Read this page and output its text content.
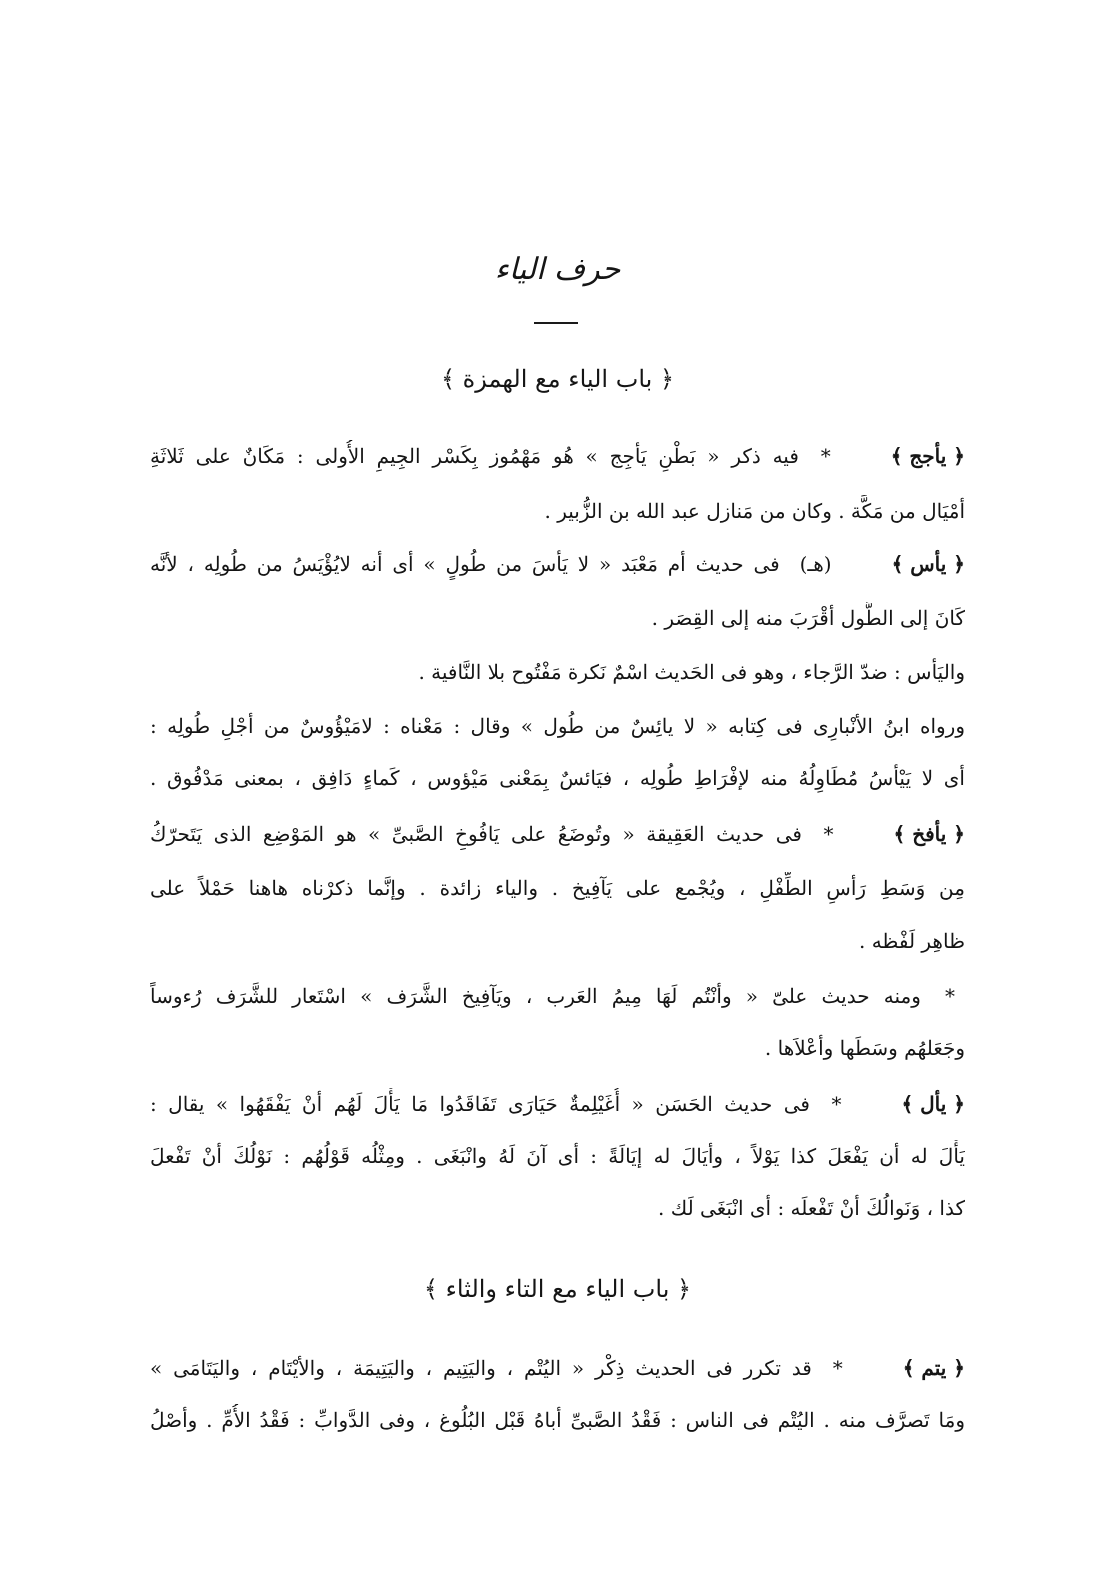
حرف الياء
﴿ باب الياء مع الهمزة ﴾
﴿ يأجج ﴾* فيه ذكر « بَطْنِ يَأجِج » هُو مَهْمُوز بِكَسْر الجِيمِ الأُولى : مَكَانٌ على ثَلاثَةِ
أمْيَال من مَكَّة . وكان من مَنازل عبد الله بن الزُّبير .
﴿ يأس ﴾(هـ) فى حديث أم مَعْبَد « لا يَأسَ من طُولٍ » أى أنه لايُؤْيَسُ من طُولِه ، لأنَّه
كَانَ إلى الطُّول أقْرَبَ منه إلى القِصَر .
واليَأس : ضدّ الرَّجاء ، وهو فى الحَديث اسْمٌ نَكرة مَفْتُوح بلا النَّافية .
ورواه ابنُ الأنْبارِى فى كِتابه « لا يائِسٌ من طُول » وقال : مَعْناه : لامَيْؤُوسٌ من أجْلِ طُولِه :
أى لا يَيْأسُ مُطَاوِلُهُ منه لإفْرَاطِ طُولِه ، فيَائسٌ بِمَعْنى مَيْؤوس ، كَماءٍ دَافِق ، بمعنى مَدْفُوق .
﴿ يأفخ ﴾* فى حديث العَقِيقة « وتُوضَعُ على يَافُوخِ الصَّبىِّ » هو المَوْضِع الذى يَتَحرّكُ
مِن وَسَطِ رَأسِ الطِّفْلِ ، ويُجْمع على يَآفِيخ . والياء زائدة . وإنَّما ذكرْناه هاهنا حَمْلاً على
ظاهِر لَفْظه .
* ومنه حديث علىّ « وأنْتُم لَهَا مِيمُ العَرب ، ويَآفِيخ الشَّرَف » اسْتَعار للشَّرَف رُءوساً
وجَعَلهُم وسَطَها وأعْلاَها .
﴿ يأل ﴾* فى حديث الحَسَن « أُغَيْلِمةٌ حَيَارَى تَفَاقَدُوا مَا يَأْلَ لَهُم أنْ يَفْقَهُوا » يقال :
يَأْلَ له أن يَفْعَلَ كذا يَوْلاً ، وأيَالَ له إيَالَةً : أى آنَ لَهُ وانْبَغَى . ومِثْلُه قَوْلُهُم : نَوْلُكَ أنْ تَفْعلَ
كذا ، وَنَوالُكَ أنْ تَفْعلَه : أى انْبَغَى لَك .
﴿ باب الياء مع التاء والثاء ﴾
﴿ يتم ﴾* قد تكرر فى الحديث ذِكْر « اليُتْم ، واليَتِيم ، واليَتِيمَة ، والأيْتَام ، واليَتَامَى »
ومَا تَصرَّف منه . اليُتْم فى الناس : فَقْدُ الصَّبىِّ أباهُ قَبْل البُلُوغ ، وفى الدَّوابِّ : فَقْدُ الأُمِّ . وأصْلُ
